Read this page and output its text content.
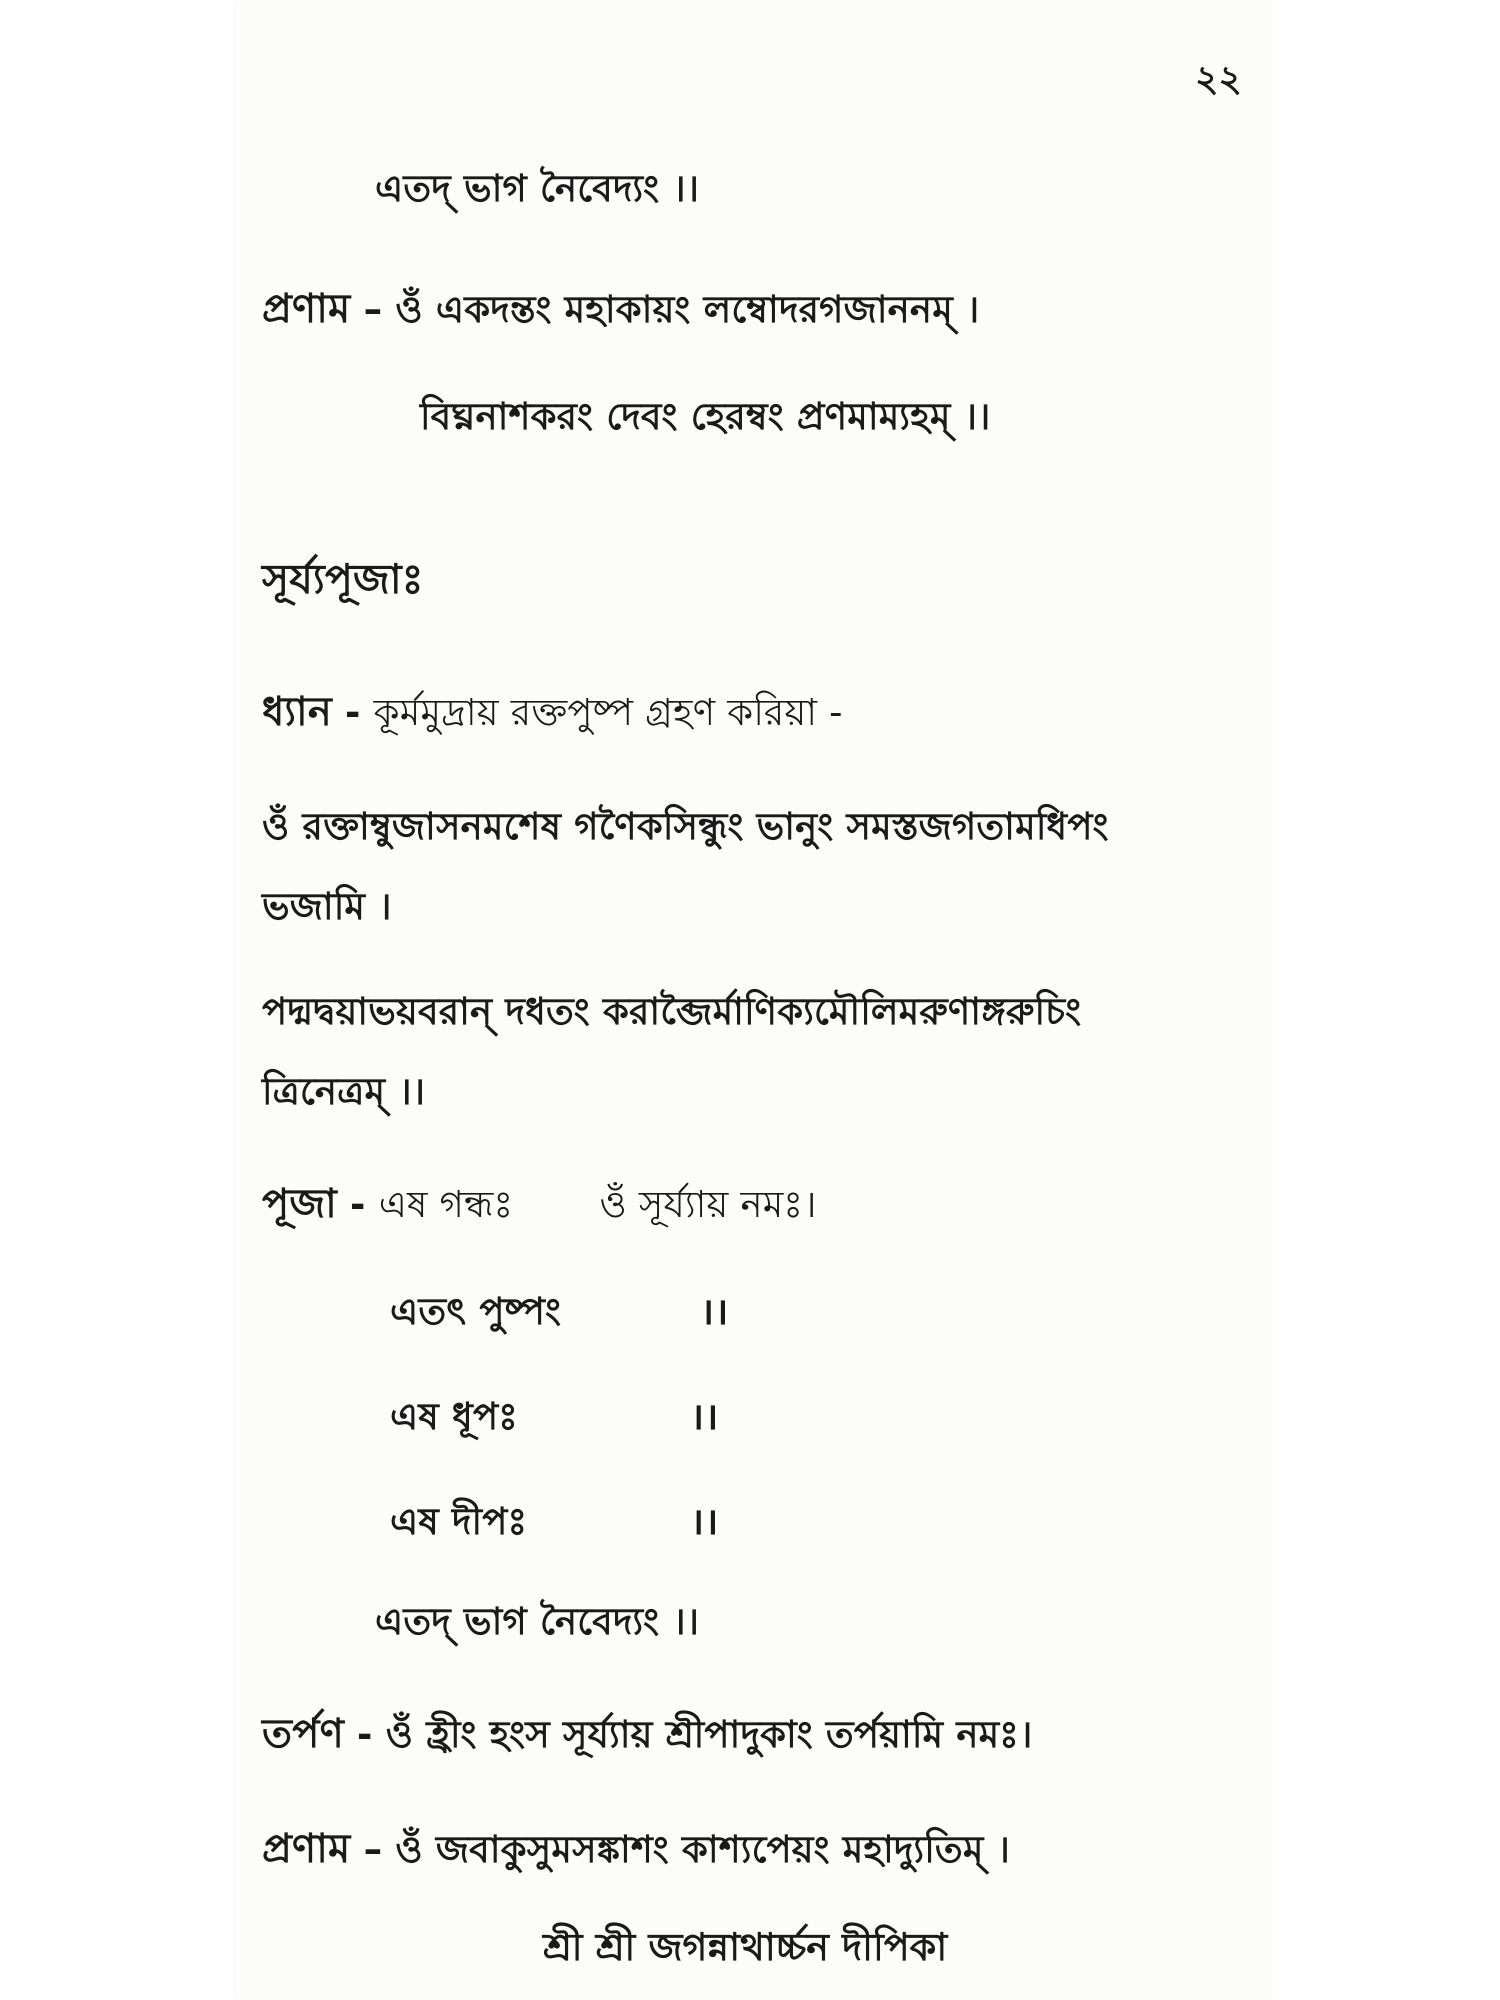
২২
এতদ্ ভাগ নৈবেদ্যং ।।
প্রণাম – ওঁ একদন্তং মহাকায়ং লম্বোদরগজাননম্ ।
বিঘ্ননাশকরং দেবং হেরম্বং প্রণমাম্যহম্ ।।
সূর্য্যপূজাঃ
ধ্যান - কূর্মমুদ্রায় রক্তপুষ্প গ্রহণ করিয়া -
ওঁ রক্তাম্বুজাসনমশেষ গণৈকসিন্ধুং ভানুং সমস্তজগতামধিপং
ভজামি ।
পদ্মদ্বয়াভয়বরান্ দধতং করাব্জৈর্মাণিক্যমৌলিমরুণাঙ্গরুচিং
ত্রিনেত্রম্ ।।
পূজা - এষ গন্ধঃ ওঁ সূর্য্যায় নমঃ।
এতৎ পুষ্পং	।।
এষ ধূপঃ	।।
এষ দীপঃ	।।
এতদ্ ভাগ নৈবেদ্যং ।।
তর্পণ - ওঁ হ্রীং হংস সূর্য্যায় শ্রীপাদুকাং তর্পয়ামি নমঃ।
প্রণাম – ওঁ জবাকুসুমসঙ্কাশং কাশ্যপেয়ং মহাদ্যুতিম্ ।
শ্রী শ্রী জগন্নাথার্চ্চন দীপিকা
